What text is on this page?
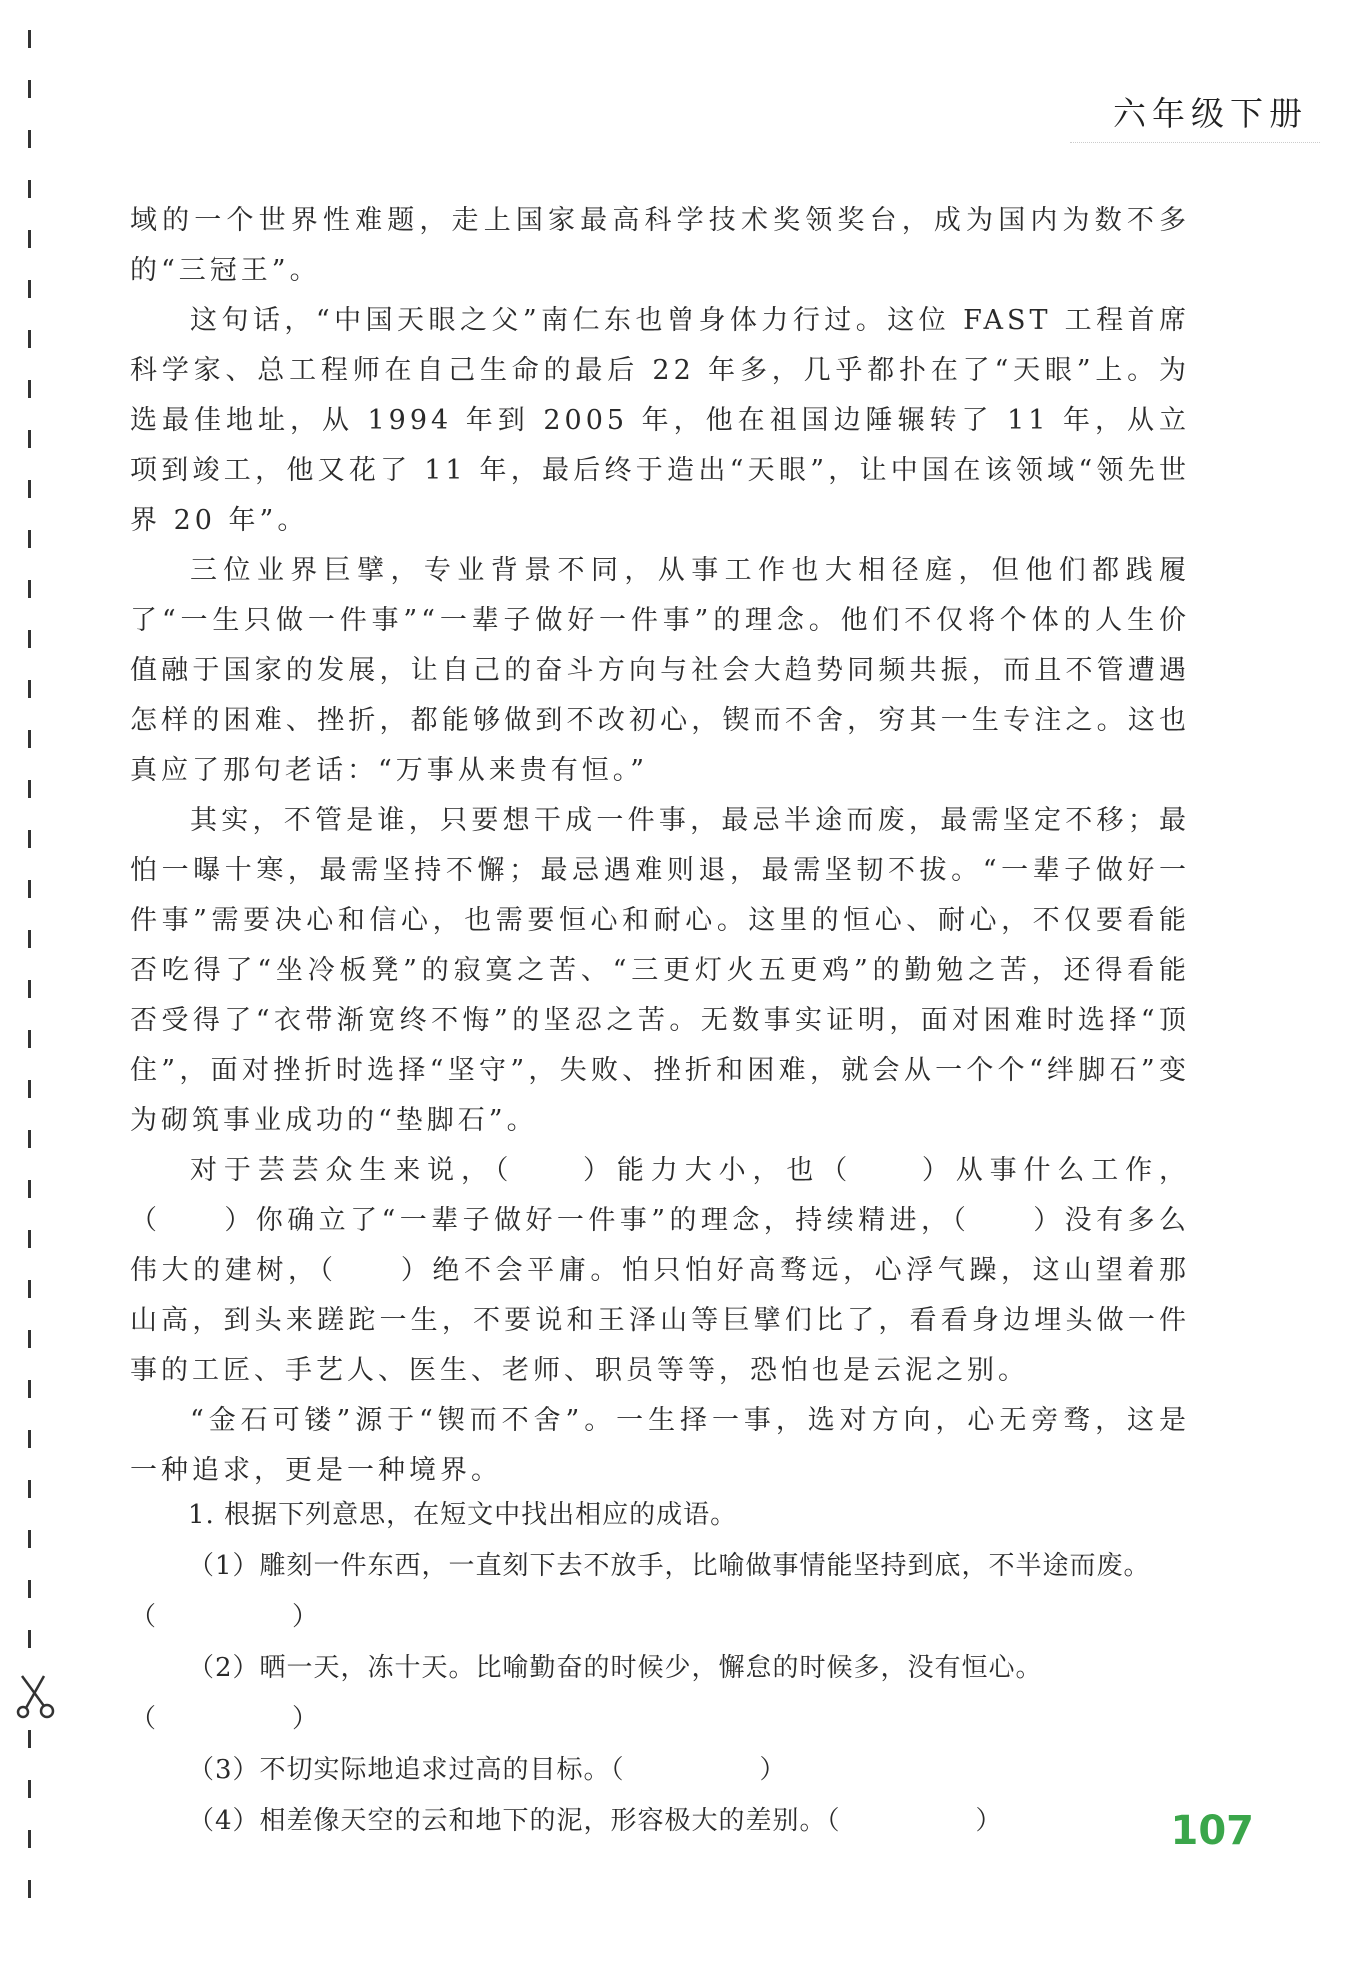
六年级下册

域的一个世界性难题，走上国家最高科学技术奖领奖台，成为国内为数不多的“三冠王”。

这句话，“中国天眼之父”南仁东也曾身体力行过。这位 FAST 工程首席科学家、总工程师在自己生命的最后 22 年多，几乎都扑在了“天眼”上。为选最佳地址，从 1994 年到 2005 年，他在祖国边陲辗转了 11 年，从立项到竣工，他又花了 11 年，最后终于造出“天眼”，让中国在该领域“领先世界 20 年”。

三位业界巨擘，专业背景不同，从事工作也大相径庭，但他们都践履了“一生只做一件事”“一辈子做好一件事”的理念。他们不仅将个体的人生价值融于国家的发展，让自己的奋斗方向与社会大趋势同频共振，而且不管遭遇怎样的困难、挫折，都能够做到不改初心，锲而不舍，穷其一生专注之。这也真应了那句老话：“万事从来贵有恒。”

其实，不管是谁，只要想干成一件事，最忌半途而废，最需坚定不移；最怕一曝十寒，最需坚持不懈；最忌遇难则退，最需坚韧不拔。“一辈子做好一件事”需要决心和信心，也需要恒心和耐心。这里的恒心、耐心，不仅要看能否吃得了“坐冷板凳”的寂寞之苦、“三更灯火五更鸡”的勤勉之苦，还得看能否受得了“衣带渐宽终不悔”的坚忍之苦。无数事实证明，面对困难时选择“顶住”，面对挫折时选择“坚守”，失败、挫折和困难，就会从一个个“绊脚石”变为砌筑事业成功的“垫脚石”。

对于芸芸众生来说，（　　）能力大小，也（　　）从事什么工作，（　　）你确立了“一辈子做好一件事”的理念，持续精进，（　　）没有多么伟大的建树，（　　）绝不会平庸。怕只怕好高骛远，心浮气躁，这山望着那山高，到头来蹉跎一生，不要说和王泽山等巨擘们比了，看看身边埋头做一件事的工匠、手艺人、医生、老师、职员等等，恐怕也是云泥之别。

“金石可镂”源于“锲而不舍”。一生择一事，选对方向，心无旁骛，这是一种追求，更是一种境界。

1. 根据下列意思，在短文中找出相应的成语。

（1）雕刻一件东西，一直刻下去不放手，比喻做事情能坚持到底，不半途而废。（　　　　　）

（2）晒一天，冻十天。比喻勤奋的时候少，懈怠的时候多，没有恒心。（　　　　　）

（3）不切实际地追求过高的目标。（　　　　　）

（4）相差像天空的云和地下的泥，形容极大的差别。（　　　　　）	107
